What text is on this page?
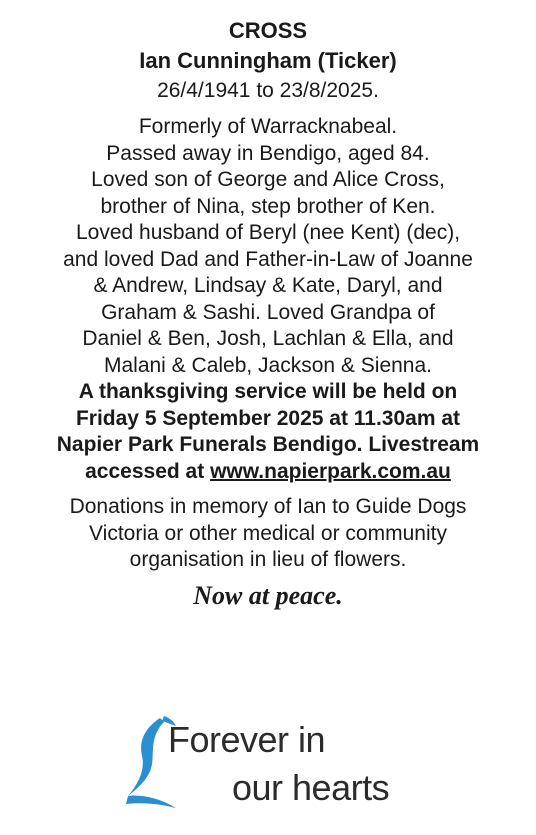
CROSS
Ian Cunningham (Ticker)
26/4/1941 to 23/8/2025.
Formerly of Warracknabeal.
Passed away in Bendigo, aged 84.
Loved son of George and Alice Cross,
brother of Nina, step brother of Ken.
Loved husband of Beryl (nee Kent) (dec),
and loved Dad and Father-in-Law of Joanne
& Andrew, Lindsay & Kate, Daryl, and
Graham & Sashi. Loved Grandpa of
Daniel & Ben, Josh, Lachlan & Ella, and
Malani & Caleb, Jackson & Sienna.
A thanksgiving service will be held on
Friday 5 September 2025 at 11.30am at
Napier Park Funerals Bendigo. Livestream
accessed at www.napierpark.com.au
Donations in memory of Ian to Guide Dogs
Victoria or other medical or community
organisation in lieu of flowers.
Now at peace.
Forever in
our hearts
